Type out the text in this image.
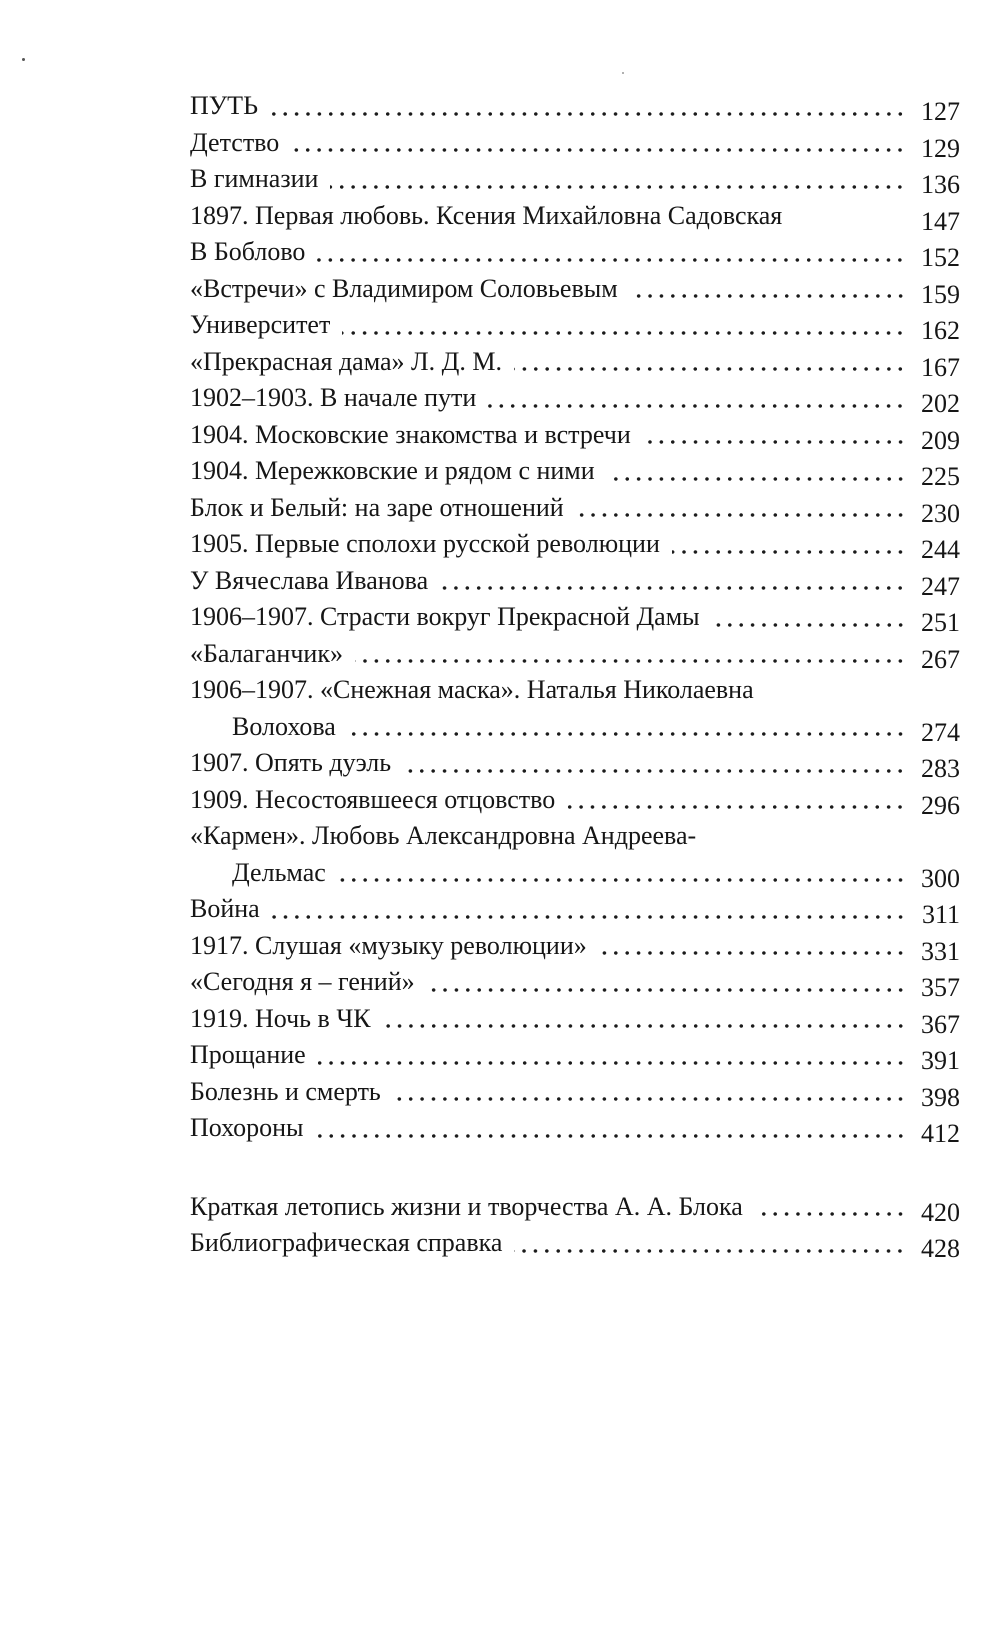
ПУТЬ	127
Детство	129
В гимназии	136
1897. Первая любовь. Ксения Михайловна Садовская	147
В Боблово	152
«Встречи» с Владимиром Соловьевым	159
Университет	162
«Прекрасная дама» Л. Д. М.	167
1902–1903. В начале пути	202
1904. Московские знакомства и встречи	209
1904. Мережковские и рядом с ними	225
Блок и Белый: на заре отношений	230
1905. Первые сполохи русской революции	244
У Вячеслава Иванова	247
1906–1907. Страсти вокруг Прекрасной Дамы	251
«Балаганчик»	267
1906–1907. «Снежная маска». Наталья Николаевна
Волохова	274
1907. Опять дуэль	283
1909. Несостоявшееся отцовство	296
«Кармен». Любовь Александровна Андреева-
Дельмас	300
Война	311
1917. Слушая «музыку революции»	331
«Сегодня я – гений»	357
1919. Ночь в ЧК	367
Прощание	391
Болезнь и смерть	398
Похороны	412
Краткая летопись жизни и творчества А. А. Блока	420
Библиографическая справка	428
